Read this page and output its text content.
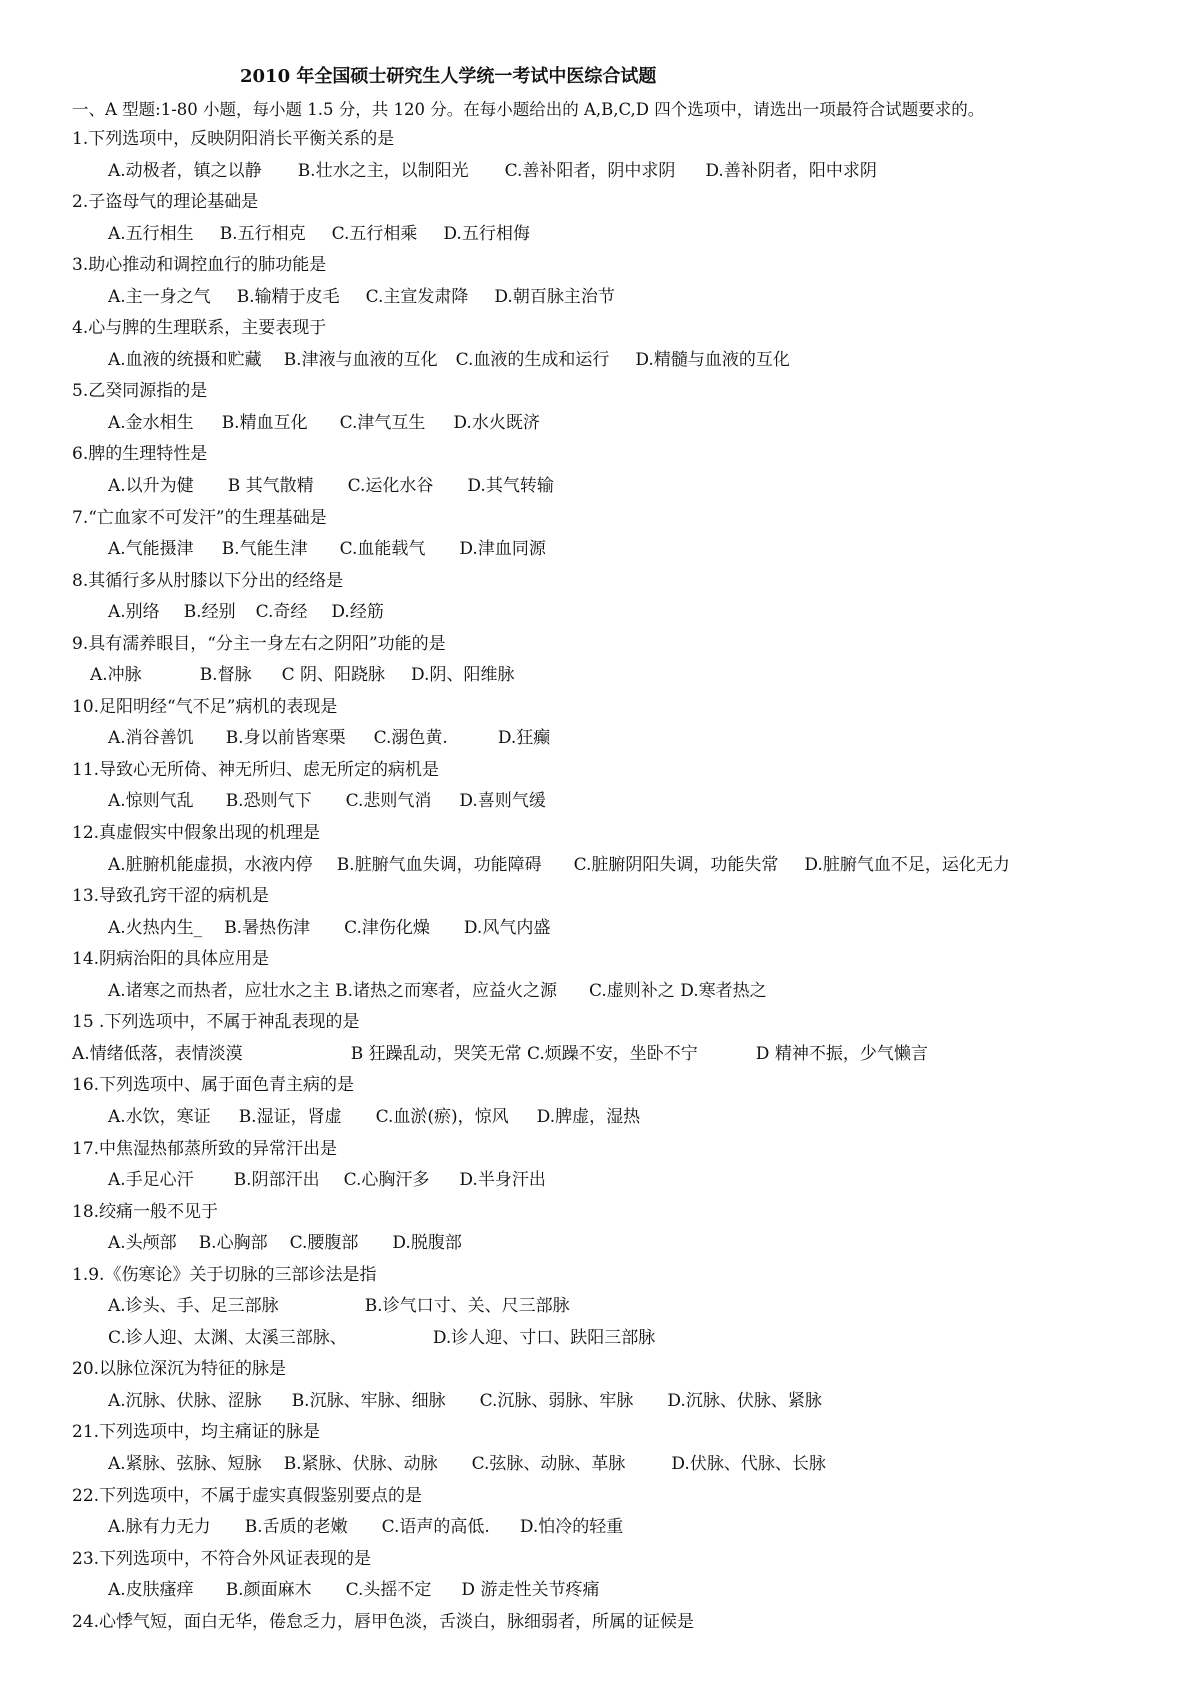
2010 年全国硕士研究生人学统一考试中医综合试题
一、A 型题:1-80 小题，每小题 1.5 分，共 120 分。在每小题给出的 A,B,C,D 四个选项中，请选出一项最符合试题要求的。
1.下列选项中，反映阴阳消长平衡关系的是
A.动极者，镇之以静 B.壮水之主，以制阳光 C.善补阳者，阴中求阴 D.善补阴者，阳中求阴
2.子盗母气的理论基础是
A.五行相生 B.五行相克 C.五行相乘 D.五行相侮
3.助心推动和调控血行的肺功能是
A.主一身之气 B.输精于皮毛 C.主宣发肃降 D.朝百脉主治节
4.心与脾的生理联系，主要表现于
A.血液的统摄和贮藏 B.津液与血液的互化 C.血液的生成和运行 D.精髓与血液的互化
5.乙癸同源指的是
A.金水相生 B.精血互化 C.津气互生 D.水火既济
6.脾的生理特性是
A.以升为健 B 其气散精 C.运化水谷 D.其气转输
7.“亡血家不可发汗”的生理基础是
A.气能摄津 B.气能生津 C.血能载气 D.津血同源
8.其循行多从肘膝以下分出的经络是
A.别络 B.经别 C.奇经 D.经筋
9.具有濡养眼目，“分主一身左右之阴阳”功能的是
A.冲脉	B.督脉 C 阴、阳跷脉 D.阴、阳维脉
10.足阳明经“气不足”病机的表现是
A.消谷善饥 B.身以前皆寒栗 C.溺色黄.	D.狂癫
11.导致心无所倚、神无所归、虑无所定的病机是
A.惊则气乱 B.恐则气下 C.悲则气消 D.喜则气缓
12.真虚假实中假象出现的机理是
A.脏腑机能虚损，水液内停 B.脏腑气血失调，功能障碍 C.脏腑阴阳失调，功能失常 D.脏腑气血不足，运化无力
13.导致孔窍干涩的病机是
A.火热内生_ B.暑热伤津 C.津伤化燥 D.风气内盛
14.阴病治阳的具体应用是
A.诸寒之而热者，应壮水之主 B.诸热之而寒者，应益火之源 C.虚则补之 D.寒者热之
15 .下列选项中，不属于神乱表现的是
A.情绪低落，表情淡漠	B 狂躁乱动，哭笑无常 C.烦躁不安，坐卧不宁	D 精神不振，少气懒言
16.下列选项中、属于面色青主病的是
A.水饮，寒证 B.湿证，肾虚 C.血淤(瘀)，惊风 D.脾虚，湿热
17.中焦湿热郁蒸所致的异常汗出是
A.手足心汗 B.阴部汗出 C.心胸汗多 D.半身汗出
18.绞痛一般不见于
A.头颅部 B.心胸部 C.腰腹部 D.脱腹部
1.9.《伤寒论》关于切脉的三部诊法是指
A.诊头、手、足三部脉	B.诊气口寸、关、尺三部脉
C.诊人迎、太渊、太溪三部脉、	D.诊人迎、寸口、趺阳三部脉
20.以脉位深沉为特征的脉是
A.沉脉、伏脉、涩脉 B.沉脉、牢脉、细脉 C.沉脉、弱脉、牢脉 D.沉脉、伏脉、紧脉
21.下列选项中，均主痛证的脉是
A.紧脉、弦脉、短脉 B.紧脉、伏脉、动脉 C.弦脉、动脉、革脉	D.伏脉、代脉、长脉
22.下列选项中，不属于虚实真假鉴别要点的是
A.脉有力无力 B.舌质的老嫩 C.语声的高低. D.怕冷的轻重
23.下列选项中，不符合外风证表现的是
A.皮肤瘙痒 B.颜面麻木 C.头摇不定 D 游走性关节疼痛
24.心悸气短，面白无华，倦怠乏力，唇甲色淡，舌淡白，脉细弱者，所属的证候是
